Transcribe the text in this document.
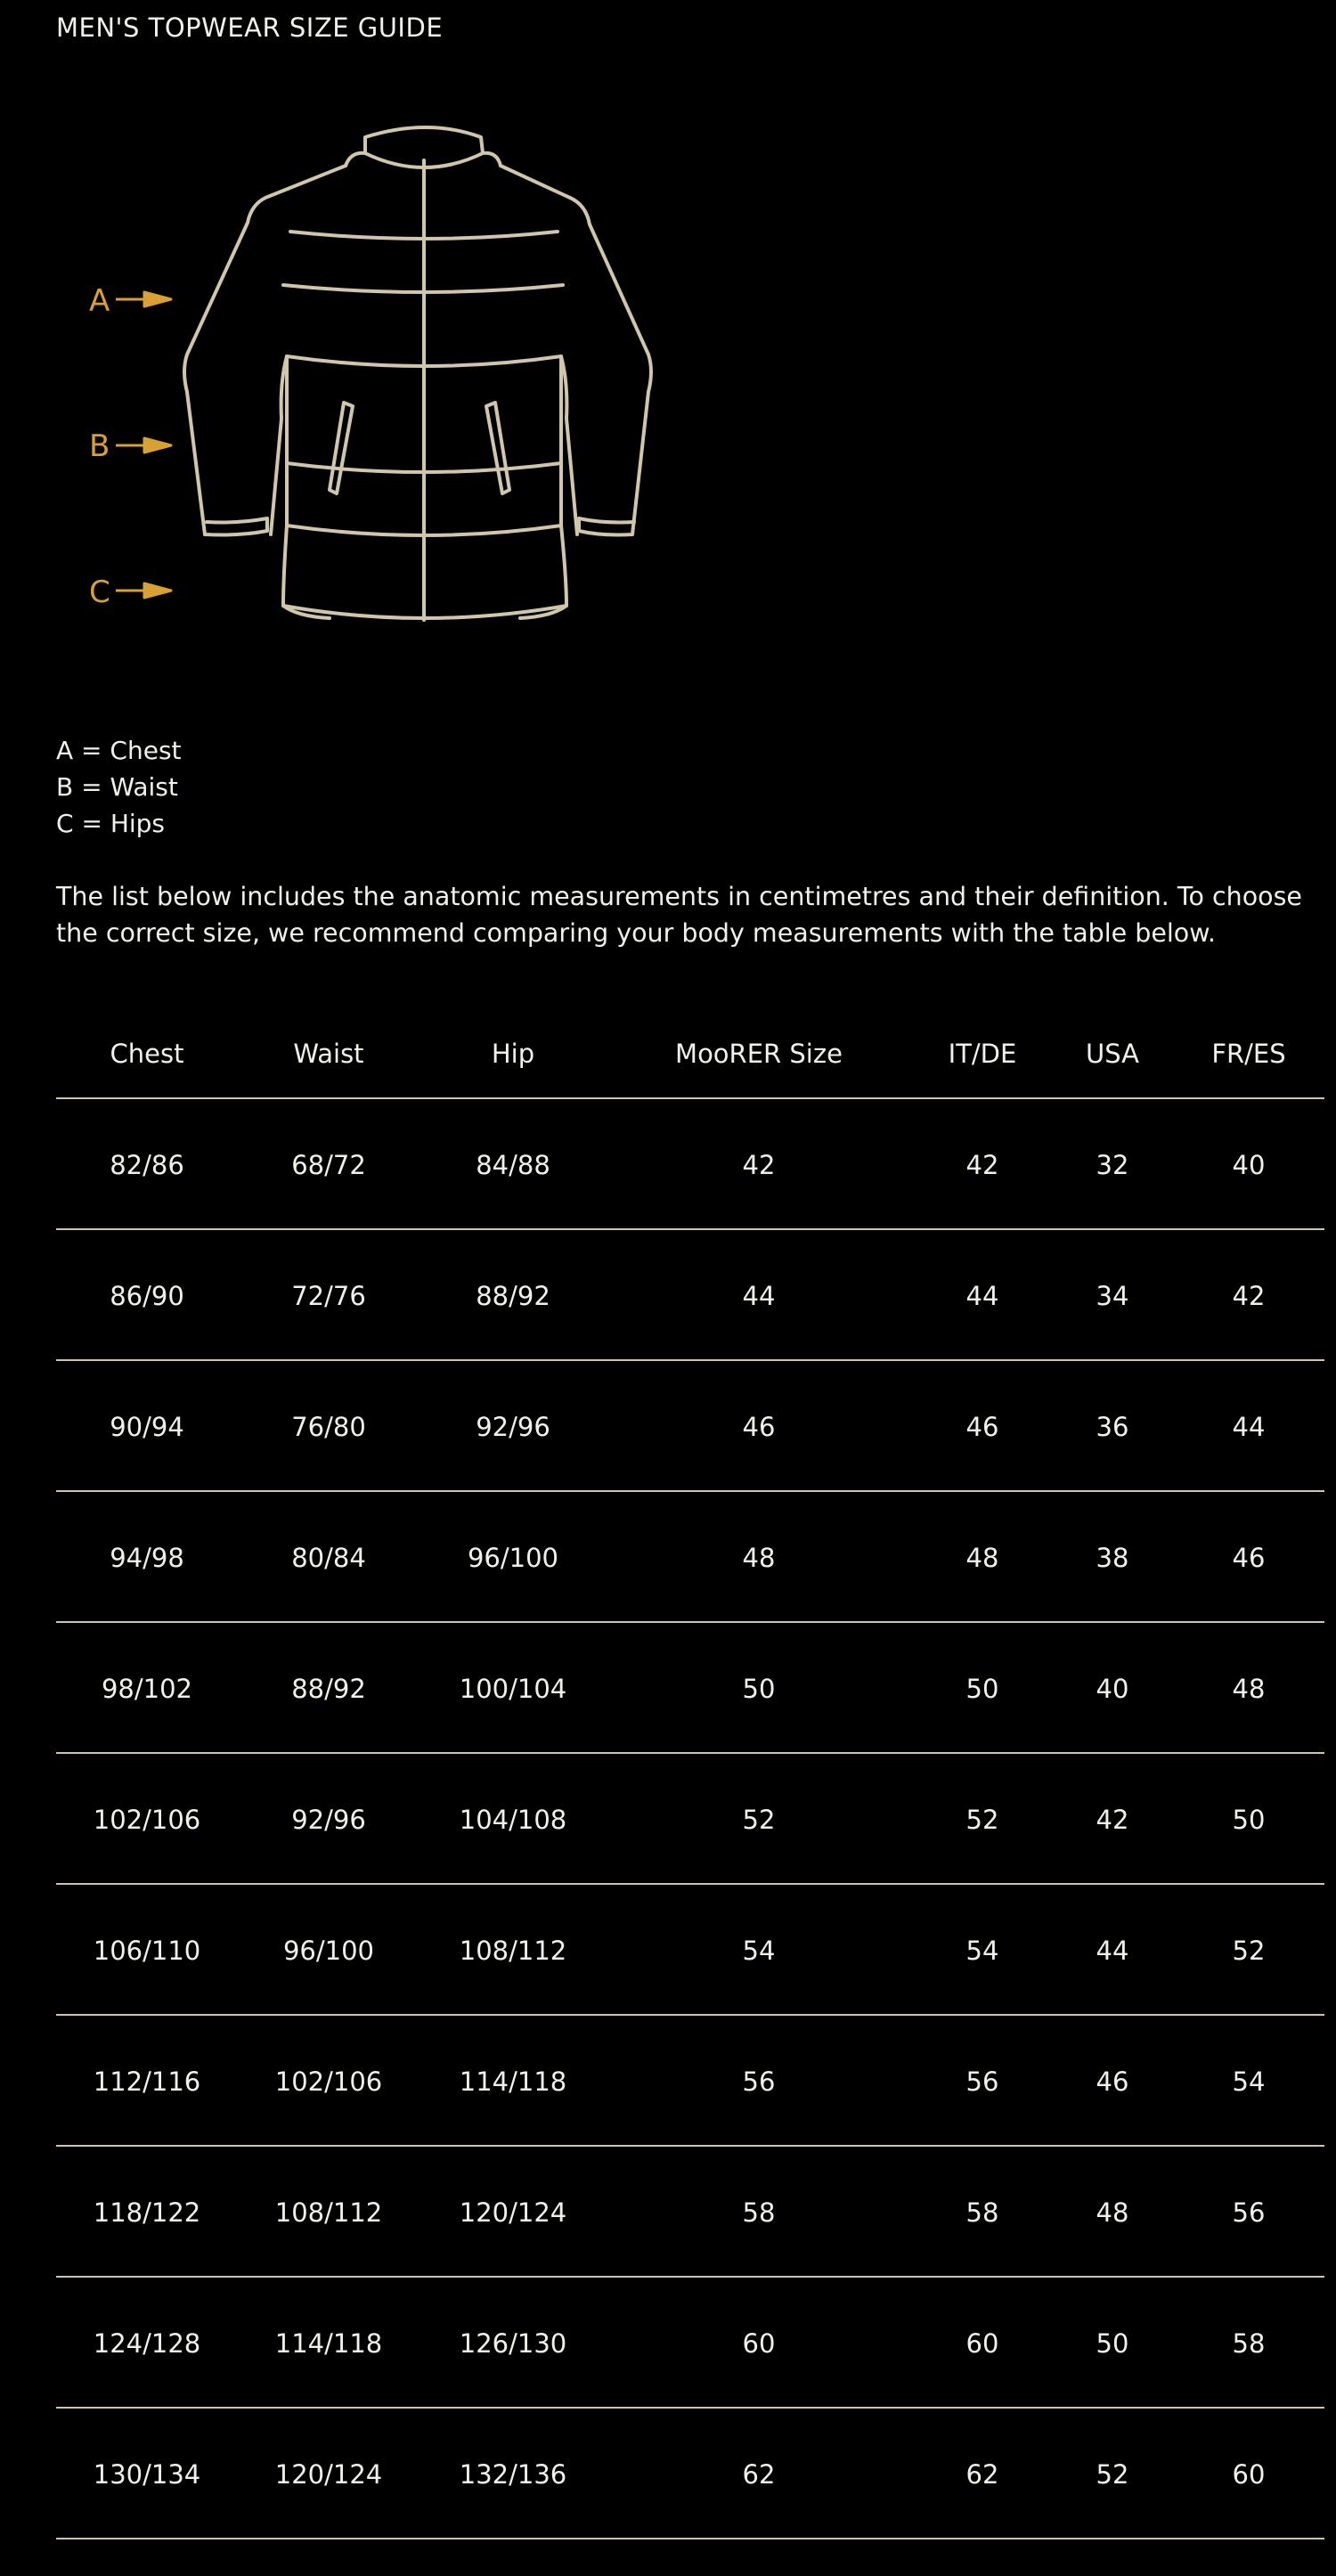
MEN'S TOPWEAR SIZE GUIDE
A
B
C
A = Chest
B = Waist
C = Hips
The list below includes the anatomic measurements in centimetres and their definition. To choose the correct size, we recommend comparing your body measurements with the table below.
Chest	Waist	Hip	MooRER Size	IT/DE	USA	FR/ES
82/86	68/72	84/88	42	42	32	40
86/90	72/76	88/92	44	44	34	42
90/94	76/80	92/96	46	46	36	44
94/98	80/84	96/100	48	48	38	46
98/102	88/92	100/104	50	50	40	48
102/106	92/96	104/108	52	52	42	50
106/110	96/100	108/112	54	54	44	52
112/116	102/106	114/118	56	56	46	54
118/122	108/112	120/124	58	58	48	56
124/128	114/118	126/130	60	60	50	58
130/134	120/124	132/136	62	62	52	60
